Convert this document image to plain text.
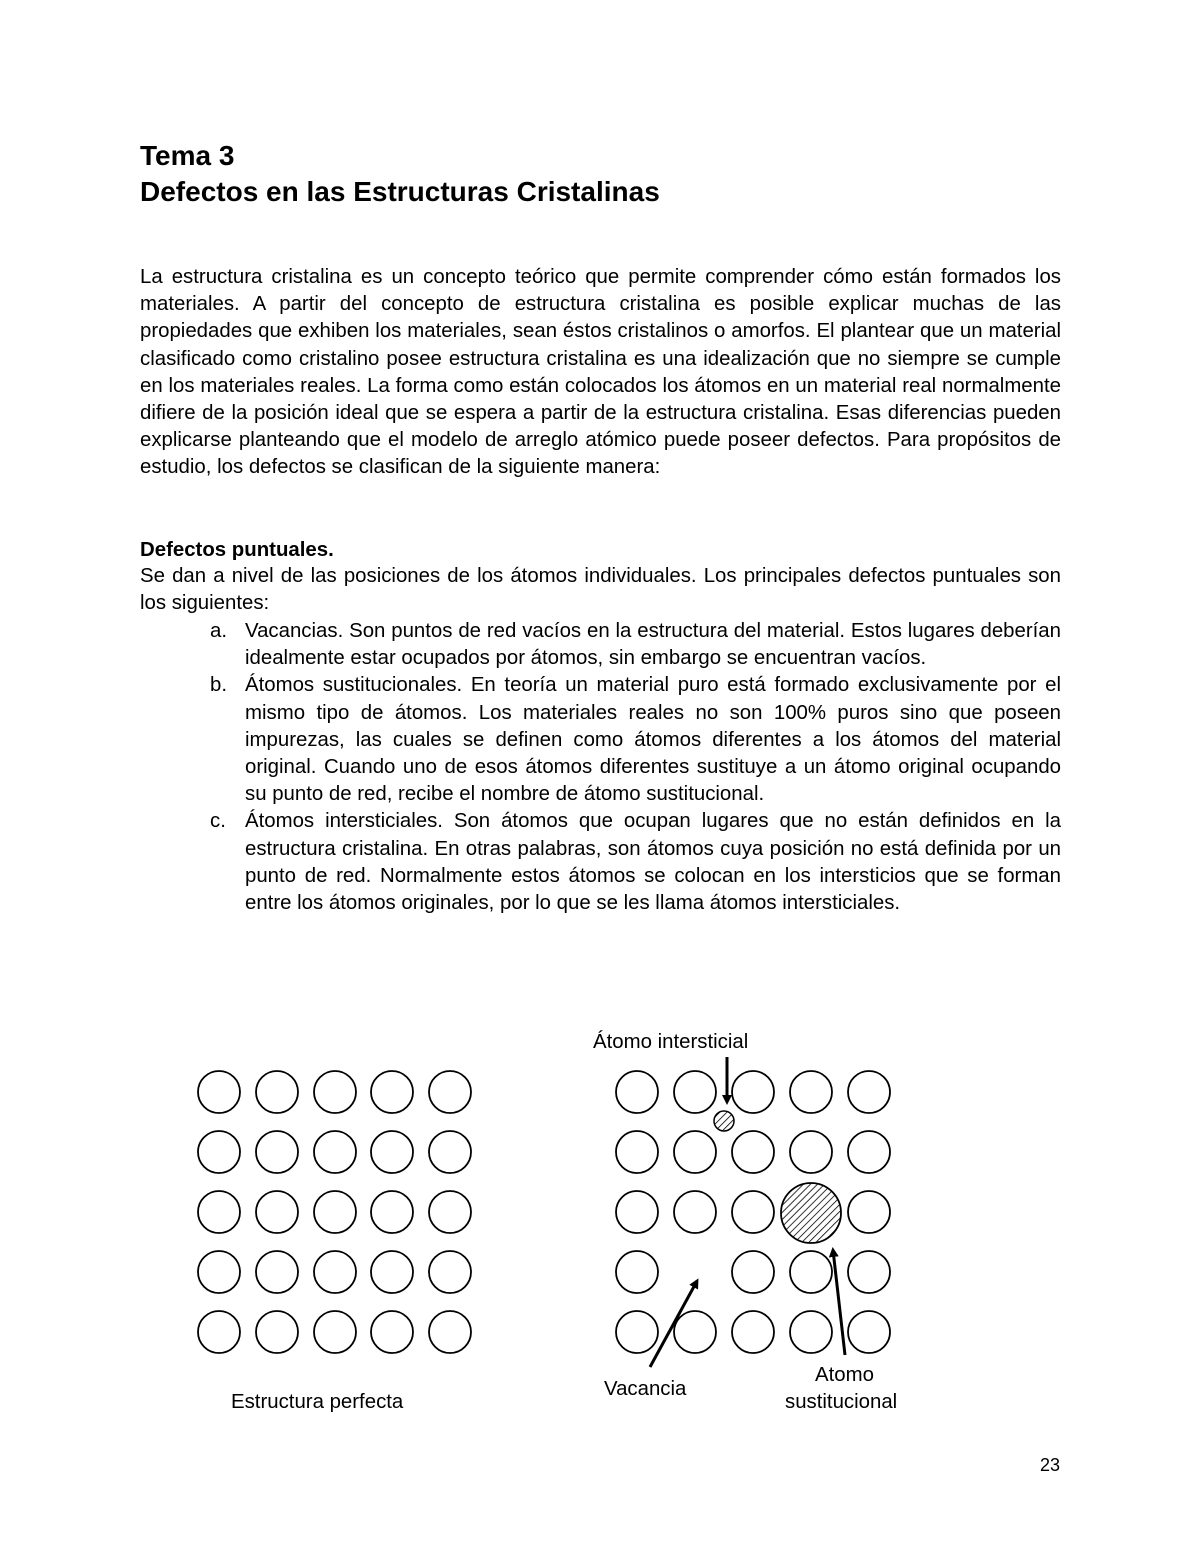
Tema 3
Defectos en las Estructuras Cristalinas
La estructura cristalina es un concepto teórico que permite comprender cómo están formados los materiales. A partir del concepto de estructura cristalina es posible explicar muchas de las propiedades que exhiben los materiales, sean éstos cristalinos o amorfos. El plantear que un material clasificado como cristalino posee estructura cristalina es una idealización que no siempre se cumple en los materiales reales. La forma como están colocados los átomos en un material real normalmente difiere de la posición ideal que se espera a partir de la estructura cristalina. Esas diferencias pueden explicarse planteando que el modelo de arreglo atómico puede poseer defectos. Para propósitos de estudio, los defectos se clasifican de la siguiente manera:
Defectos puntuales.
Se dan a nivel de las posiciones de los átomos individuales. Los principales defectos puntuales son los siguientes:
a. Vacancias. Son puntos de red vacíos en la estructura del material. Estos lugares deberían idealmente estar ocupados por átomos, sin embargo se encuentran vacíos.
b. Átomos sustitucionales. En teoría un material puro está formado exclusivamente por el mismo tipo de átomos. Los materiales reales no son 100% puros sino que poseen impurezas, las cuales se definen como átomos diferentes a los átomos del material original. Cuando uno de esos átomos diferentes sustituye a un átomo original ocupando su punto de red, recibe el nombre de átomo sustitucional.
c. Átomos intersticiales. Son átomos que ocupan lugares que no están definidos en la estructura cristalina. En otras palabras, son átomos cuya posición no está definida por un punto de red. Normalmente estos átomos se colocan en los intersticios que se forman entre los átomos originales, por lo que se les llama átomos intersticiales.
Estructura perfecta
Átomo intersticial
Vacancia
Atomo
sustitucional
23
